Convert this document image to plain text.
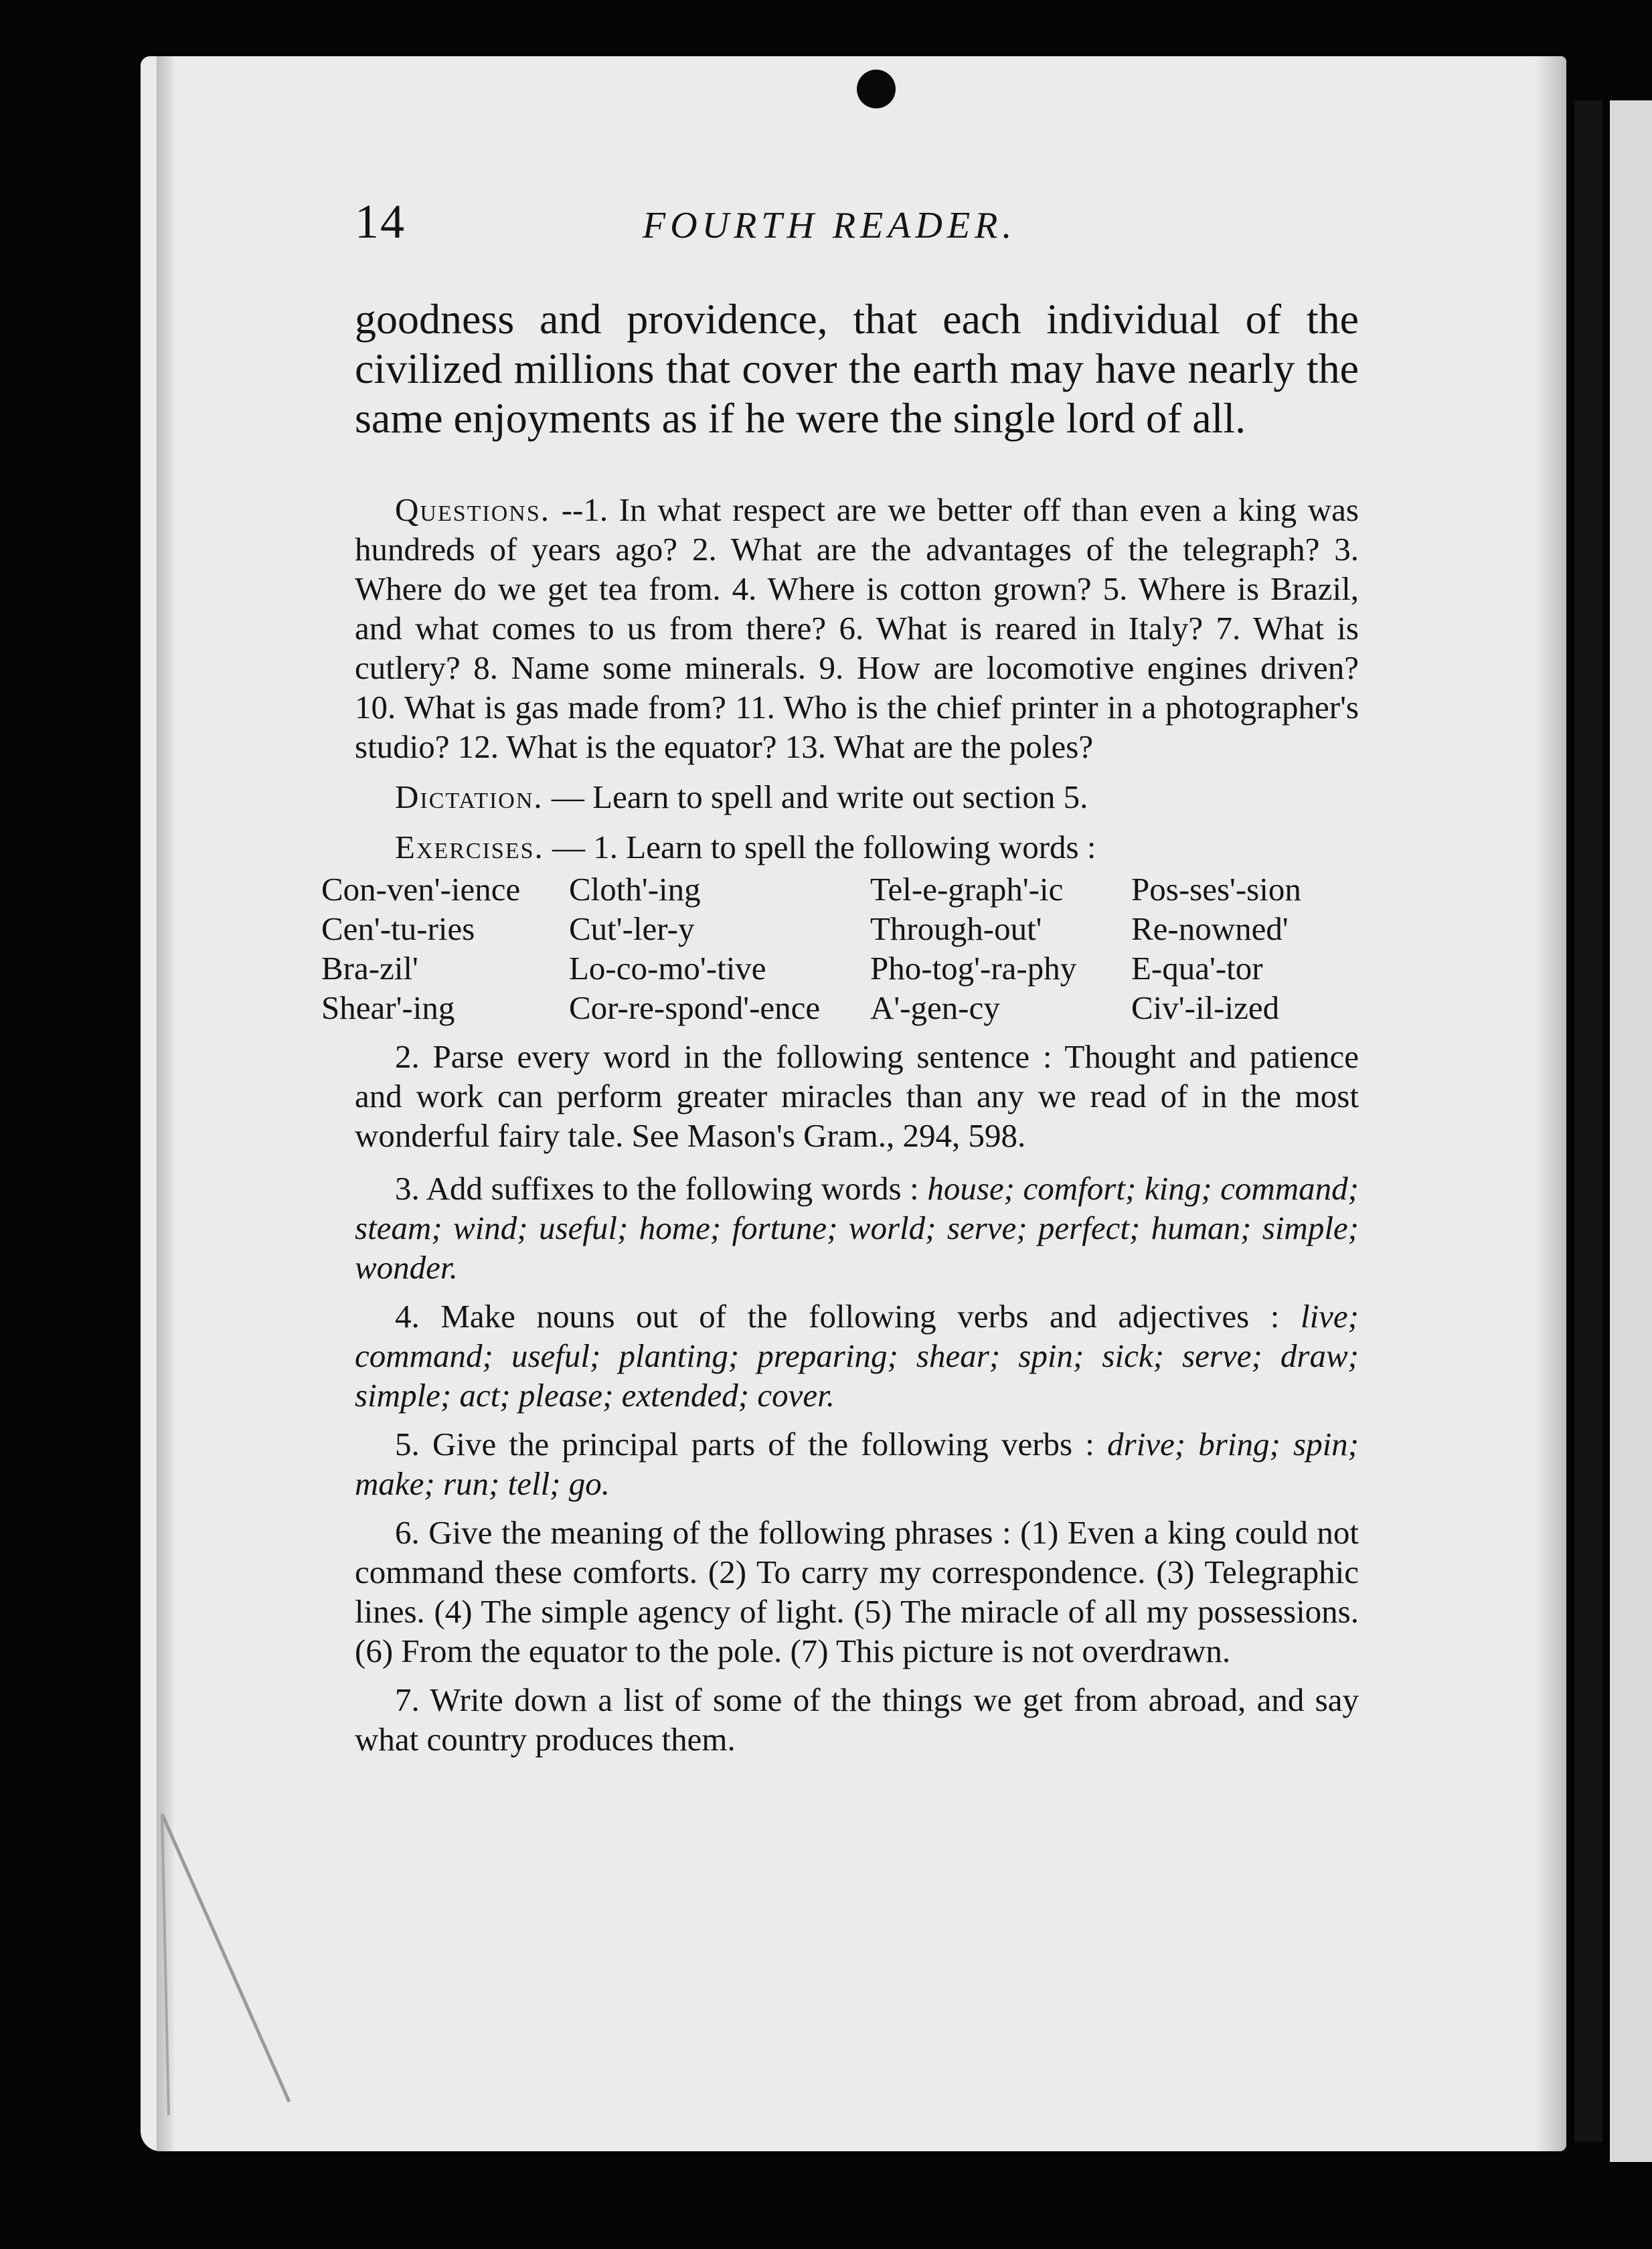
14	FOURTH READER.

goodness and providence, that each individual of the civilized millions that cover the earth may have nearly the same enjoyments as if he were the single lord of all.

Questions. --1. In what respect are we better off than even a king was hundreds of years ago? 2. What are the advantages of the telegraph? 3. Where do we get tea from. 4. Where is cotton grown? 5. Where is Brazil, and what comes to us from there? 6. What is reared in Italy? 7. What is cutlery? 8. Name some minerals. 9. How are locomotive engines driven? 10. What is gas made from? 11. Who is the chief printer in a photographer's studio? 12. What is the equator? 13. What are the poles?

Dictation. — Learn to spell and write out section 5.

Exercises. — 1. Learn to spell the following words :

Con-ven'-ience
Cen'-tu-ries
Bra-zil'
Shear'-ing
Cloth'-ing
Cut'-ler-y
Lo-co-mo'-tive
Cor-re-spond'-ence
Tel-e-graph'-ic
Through-out'
Pho-tog'-ra-phy
A'-gen-cy
Pos-ses'-sion
Re-nowned'
E-qua'-tor
Civ'-il-ized

2. Parse every word in the following sentence : Thought and patience and work can perform greater miracles than any we read of in the most wonderful fairy tale. See Mason's Gram., 294, 598.

3. Add suffixes to the following words : house; comfort; king; command; steam; wind; useful; home; fortune; world; serve; perfect; human; simple; wonder.

4. Make nouns out of the following verbs and adjectives : live; command; useful; planting; preparing; shear; spin; sick; serve; draw; simple; act; please; extended; cover.

5. Give the principal parts of the following verbs : drive; bring; spin; make; run; tell; go.

6. Give the meaning of the following phrases : (1) Even a king could not command these comforts. (2) To carry my correspondence. (3) Telegraphic lines. (4) The simple agency of light. (5) The miracle of all my possessions. (6) From the equator to the pole. (7) This picture is not overdrawn.

7. Write down a list of some of the things we get from abroad, and say what country produces them.
